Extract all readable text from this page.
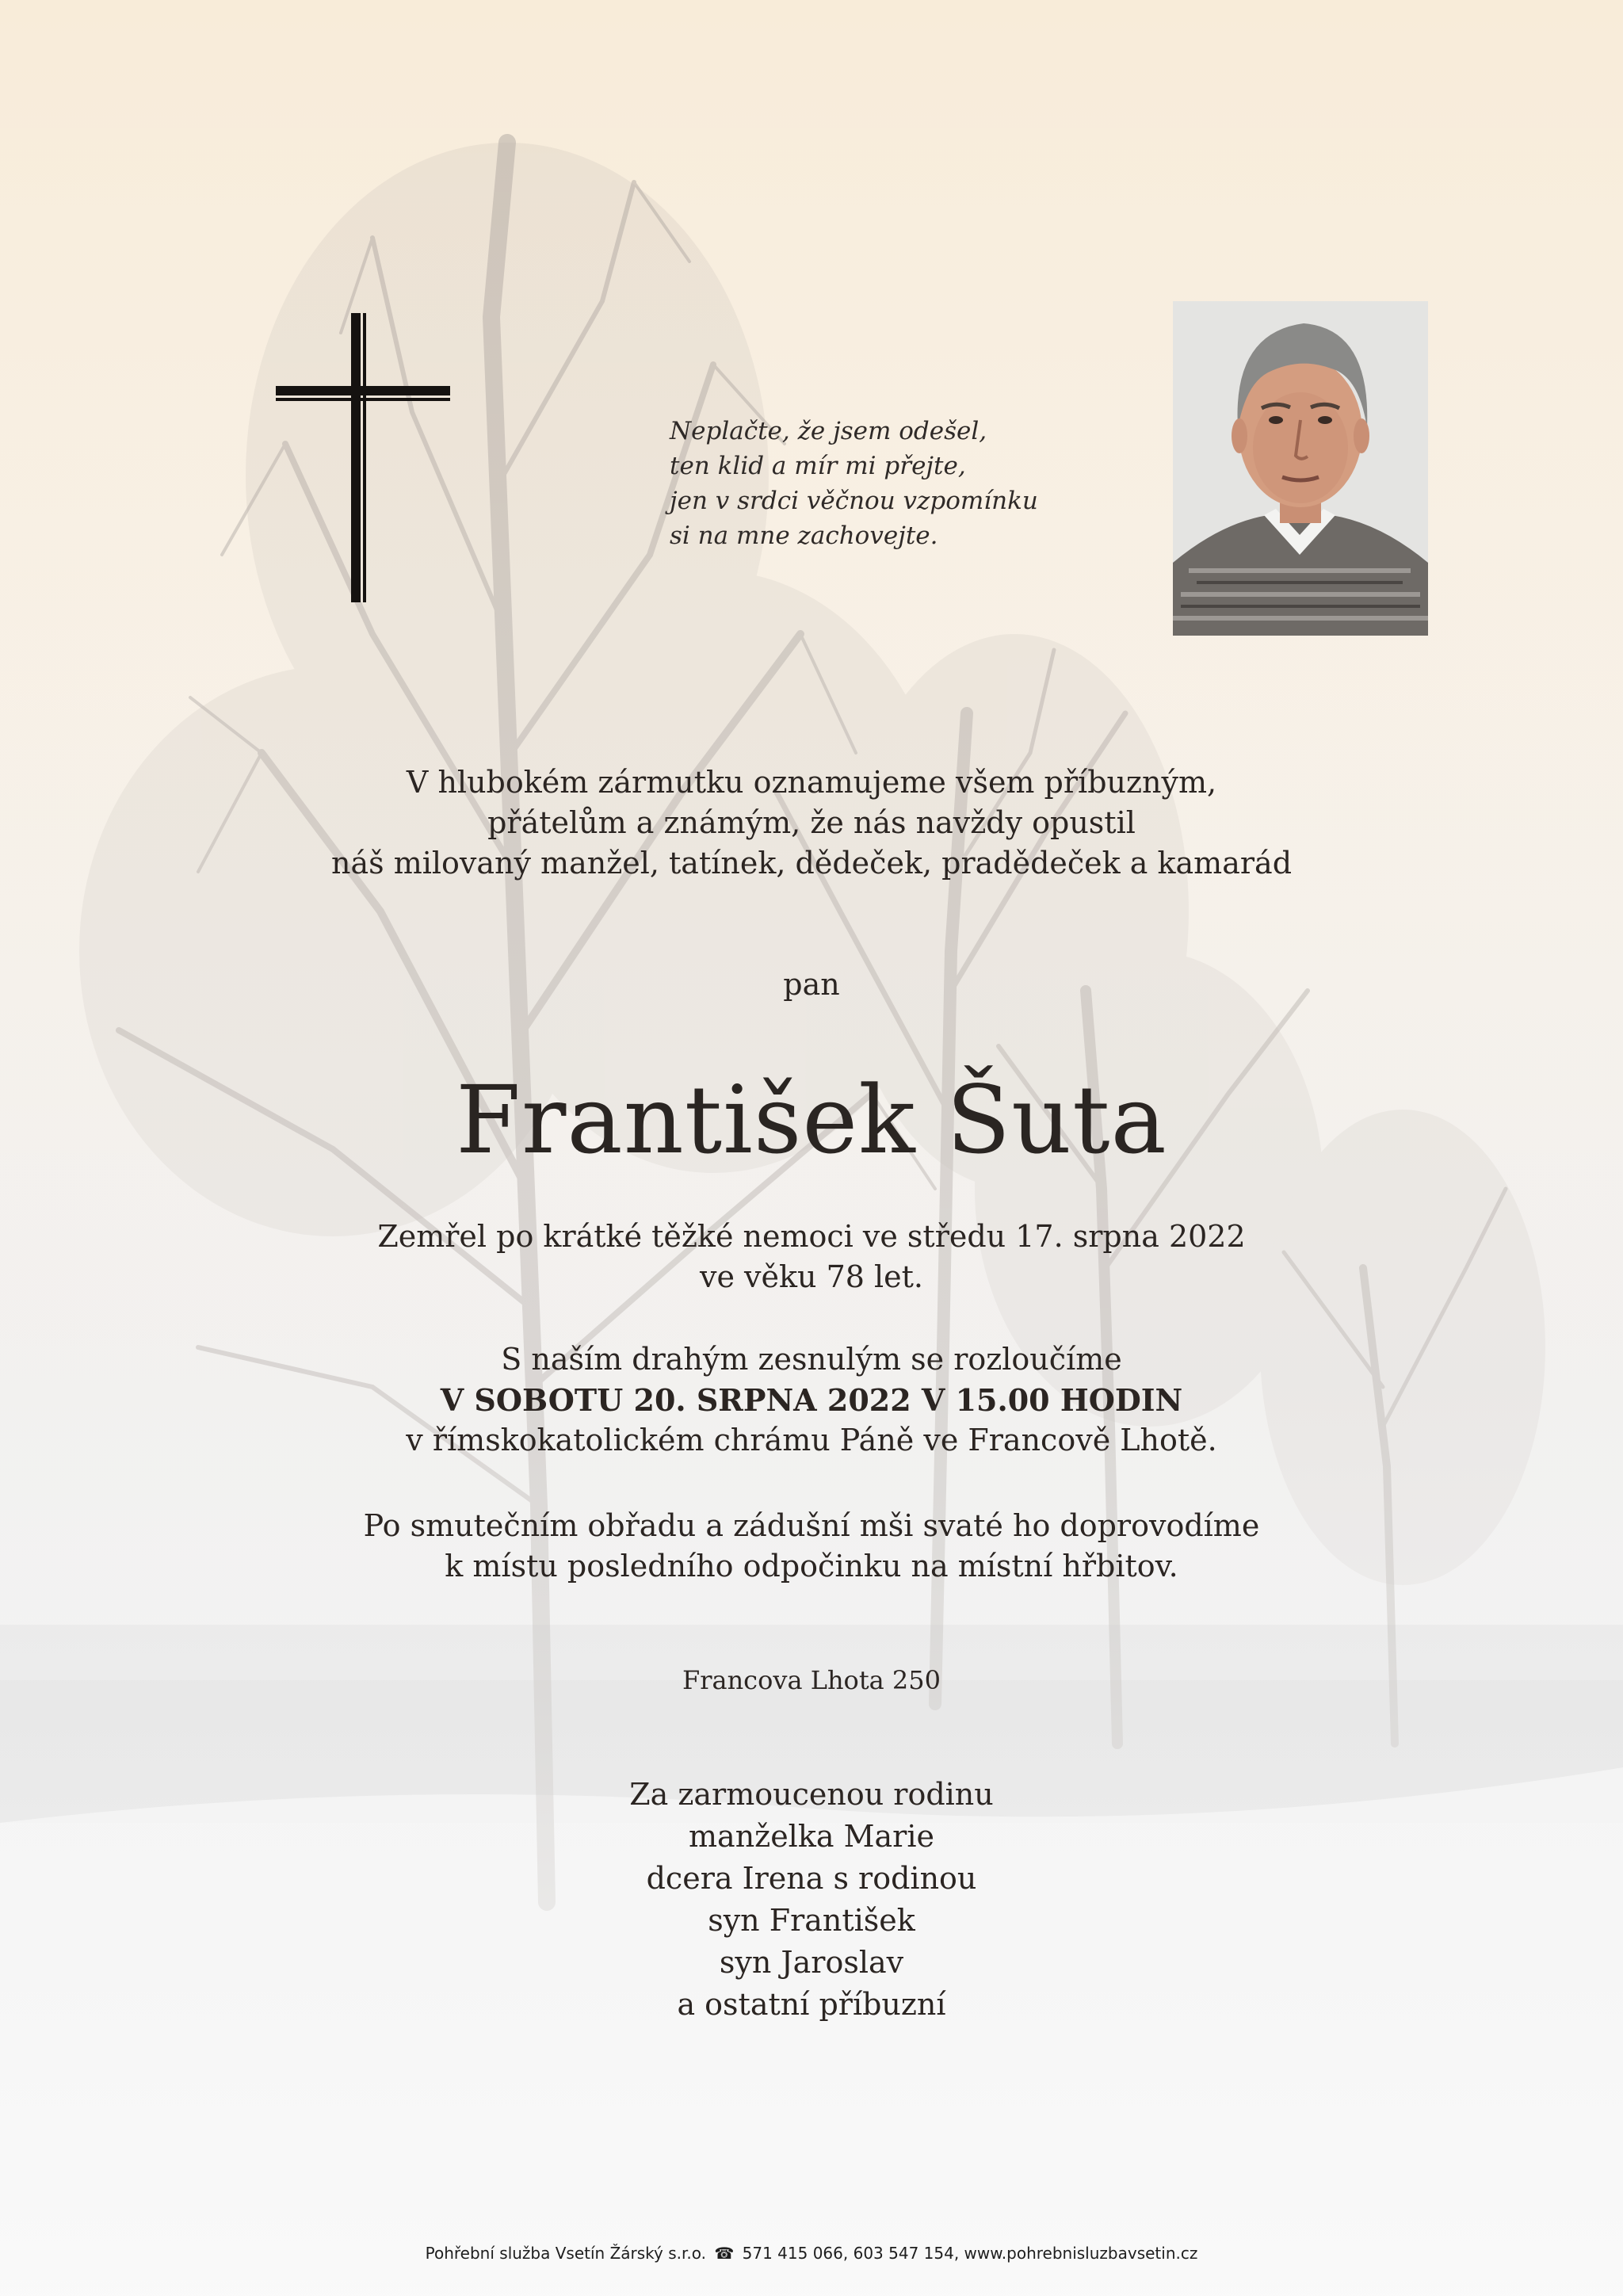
Neplačte, že jsem odešel,
ten klid a mír mi přejte,
jen v srdci věčnou vzpomínku
si na mne zachovejte.
V hlubokém zármutku oznamujeme všem příbuzným,
přátelům a známým, že nás navždy opustil
náš milovaný manžel, tatínek, dědeček, pradědeček a kamarád
pan
František Šuta
Zemřel po krátké těžké nemoci ve středu 17. srpna 2022
ve věku 78 let.
S naším drahým zesnulým se rozloučíme
V SOBOTU 20. SRPNA 2022 V 15.00 HODIN
v římskokatolickém chrámu Páně ve Francově Lhotě.
Po smutečním obřadu a zádušní mši svaté ho doprovodíme
k místu posledního odpočinku na místní hřbitov.
Francova Lhota 250
Za zarmoucenou rodinu
manželka Marie
dcera Irena s rodinou
syn František
syn Jaroslav
a ostatní příbuzní
Pohřební služba Vsetín Žárský s.r.o. ☎ 571 415 066, 603 547 154, www.pohrebnisluzbavsetin.cz
